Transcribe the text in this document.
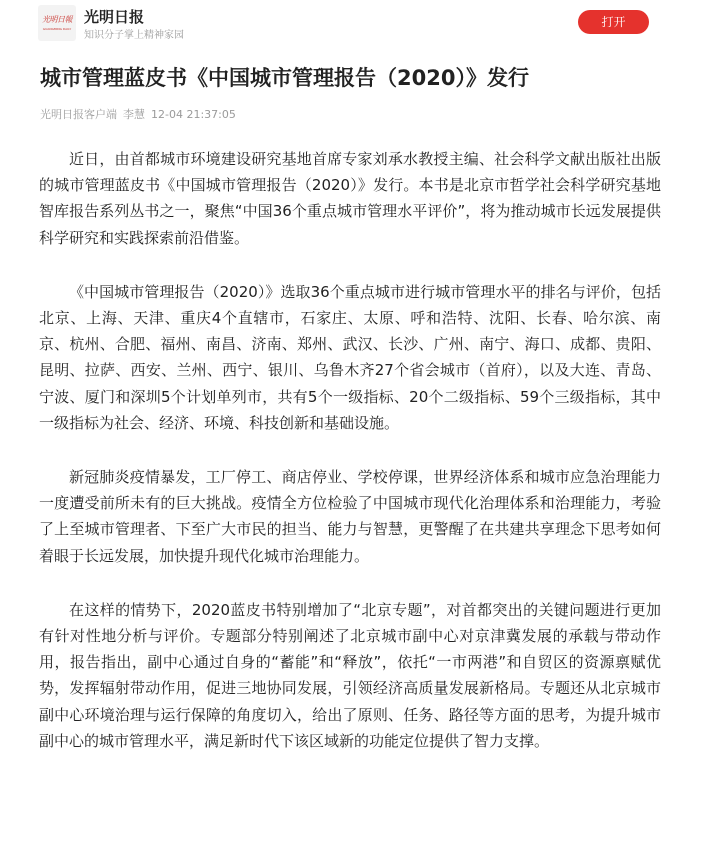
光明日報
GUANGMING DAILY
光明日报
知识分子掌上精神家园
打开
城市管理蓝皮书《中国城市管理报告（2020）》发行
光明日报客户端 李慧 12-04 21:37:05

近日，由首都城市环境建设研究基地首席专家刘承水教授主编、社会科学文献出版社出版的城市管理蓝皮书《中国城市管理报告（2020）》发行。本书是北京市哲学社会科学研究基地智库报告系列丛书之一，聚焦“中国36个重点城市管理水平评价”，将为推动城市长远发展提供科学研究和实践探索前沿借鉴。

《中国城市管理报告（2020）》选取36个重点城市进行城市管理水平的排名与评价，包括北京、上海、天津、重庆4个直辖市，石家庄、太原、呼和浩特、沈阳、长春、哈尔滨、南京、杭州、合肥、福州、南昌、济南、郑州、武汉、长沙、广州、南宁、海口、成都、贵阳、昆明、拉萨、西安、兰州、西宁、银川、乌鲁木齐27个省会城市（首府），以及大连、青岛、宁波、厦门和深圳5个计划单列市，共有5个一级指标、20个二级指标、59个三级指标，其中一级指标为社会、经济、环境、科技创新和基础设施。

新冠肺炎疫情暴发，工厂停工、商店停业、学校停课，世界经济体系和城市应急治理能力一度遭受前所未有的巨大挑战。疫情全方位检验了中国城市现代化治理体系和治理能力，考验了上至城市管理者、下至广大市民的担当、能力与智慧，更警醒了在共建共享理念下思考如何着眼于长远发展，加快提升现代化城市治理能力。

在这样的情势下，2020蓝皮书特别增加了“北京专题”，对首都突出的关键问题进行更加有针对性地分析与评价。专题部分特别阐述了北京城市副中心对京津冀发展的承载与带动作用，报告指出，副中心通过自身的“蓄能”和“释放”，依托“一市两港”和自贸区的资源禀赋优势，发挥辐射带动作用，促进三地协同发展，引领经济高质量发展新格局。专题还从北京城市副中心环境治理与运行保障的角度切入，给出了原则、任务、路径等方面的思考，为提升城市副中心的城市管理水平，满足新时代下该区域新的功能定位提供了智力支撑。
